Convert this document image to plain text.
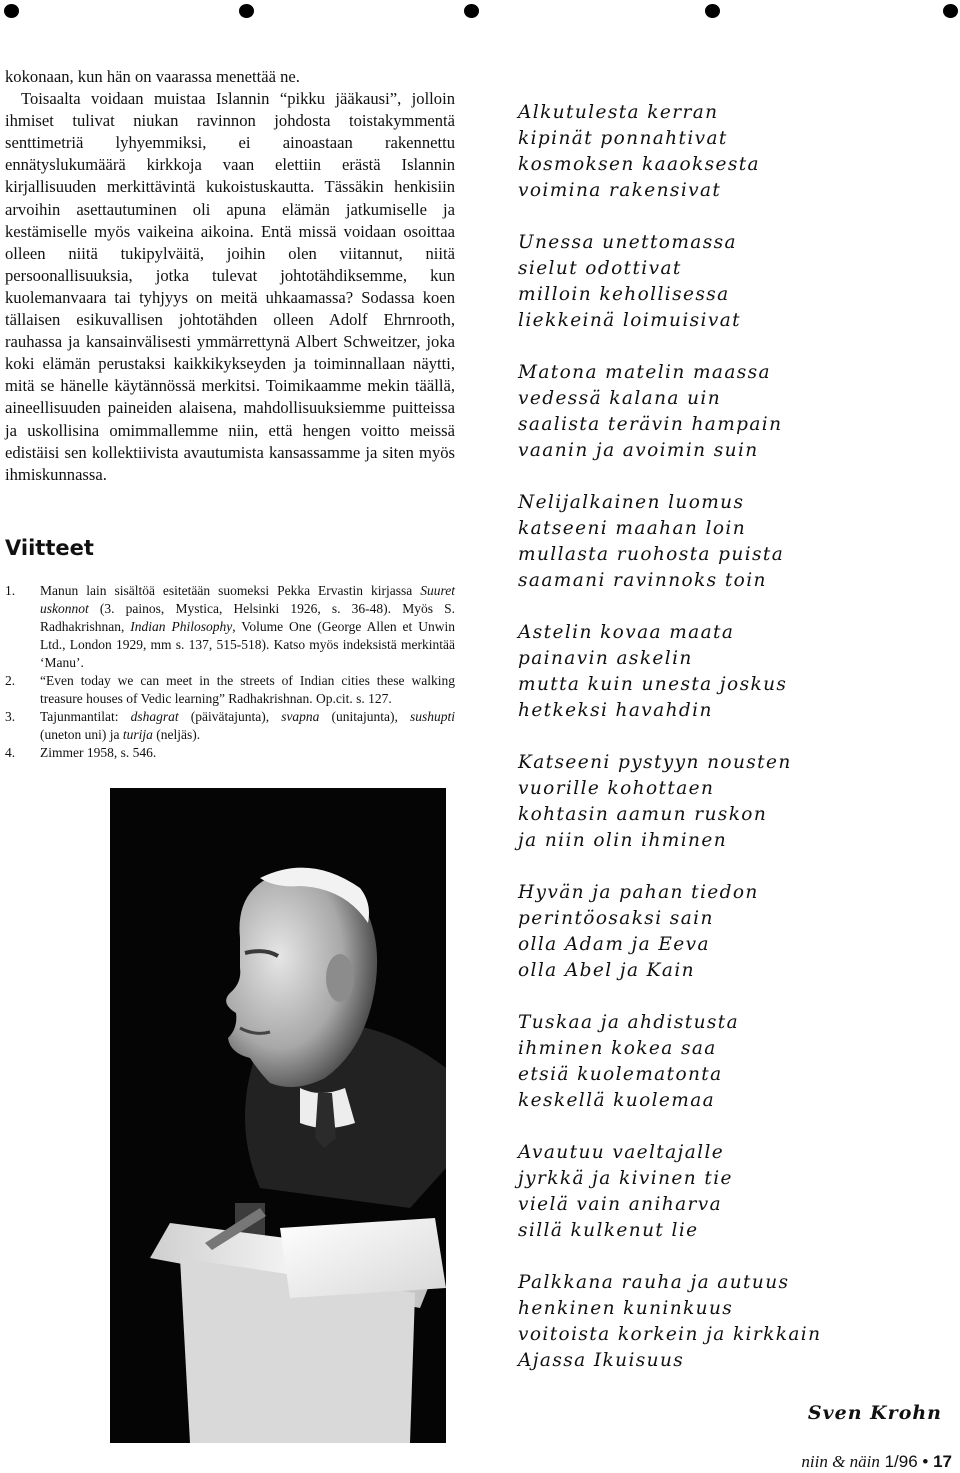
kokonaan, kun hän on vaarassa menettää ne.

Toisaalta voidaan muistaa Islannin “pikku jääkausi”, jolloin ihmiset tulivat niukan ravinnon johdosta toistakymmentä senttimetriä lyhyemmiksi, ei ainoastaan rakennettu ennätyslukumäärä kirkkoja vaan elettiin erästä Islannin kirjallisuuden merkittävintä kukoistuskautta. Tässäkin henkisiin arvoihin asettautuminen oli apuna elämän jatkumiselle ja kestämiselle myös vaikeina aikoina. Entä missä voidaan osoittaa olleen niitä tukipylväitä, joihin olen viitannut, niitä persoonallisuuksia, jotka tulevat johtotähdiksemme, kun kuolemanvaara tai tyhjyys on meitä uhkaamassa? Sodassa koen tällaisen esikuvallisen johtotähden olleen Adolf Ehrnrooth, rauhassa ja kansainvälisesti ymmärrettynä Albert Schweitzer, joka koki elämän perustaksi kaikkikykseyden ja toiminnallaan näytti, mitä se hänelle käytännössä merkitsi. Toimikaamme mekin täällä, aineellisuuden paineiden alaisena, mahdollisuuksiemme puitteissa ja uskollisina omimmallemme niin, että hengen voitto meissä edistäisi sen kollektiivista avautumista kansassamme ja siten myös ihmiskunnassa.

Viitteet
1.	Manun lain sisältöä esitetään suomeksi Pekka Ervastin kirjassa Suuret uskonnot (3. painos, Mystica, Helsinki 1926, s. 36-48). Myös S. Radhakrishnan, Indian Philosophy, Volume One (George Allen et Unwin Ltd., London 1929, mm s. 137, 515-518). Katso myös indeksistä merkintää ‘Manu’.
2.	“Even today we can meet in the streets of Indian cities these walking treasure houses of Vedic learning” Radhakrishnan. Op.cit. s. 127.
3.	Tajunmantilat: dshagrat (päivätajunta), svapna (unitajunta), sushupti (uneton uni) ja turija (neljäs).
4.	Zimmer 1958, s. 546.
Alkutulesta kerran
kipinät ponnahtivat
kosmoksen kaaoksesta
voimina rakensivat
Unessa unettomassa
sielut odottivat
milloin kehollisessa
liekkeinä loimuisivat
Matona matelin maassa
vedessä kalana uin
saalista terävin hampain
vaanin ja avoimin suin
Nelijalkainen luomus
katseeni maahan loin
mullasta ruohosta puista
saamani ravinnoks toin
Astelin kovaa maata
painavin askelin
mutta kuin unesta joskus
hetkeksi havahdin
Katseeni pystyyn nousten
vuorille kohottaen
kohtasin aamun ruskon
ja niin olin ihminen
Hyvän ja pahan tiedon
perintöosaksi sain
olla Adam ja Eeva
olla Abel ja Kain
Tuskaa ja ahdistusta
ihminen kokea saa
etsiä kuolematonta
keskellä kuolemaa
Avautuu vaeltajalle
jyrkkä ja kivinen tie
vielä vain aniharva
sillä kulkenut lie
Palkkana rauha ja autuus
henkinen kuninkuus
voitoista korkein ja kirkkain
Ajassa Ikuisuus
Sven Krohn
niin & näin 1/96 • 17
